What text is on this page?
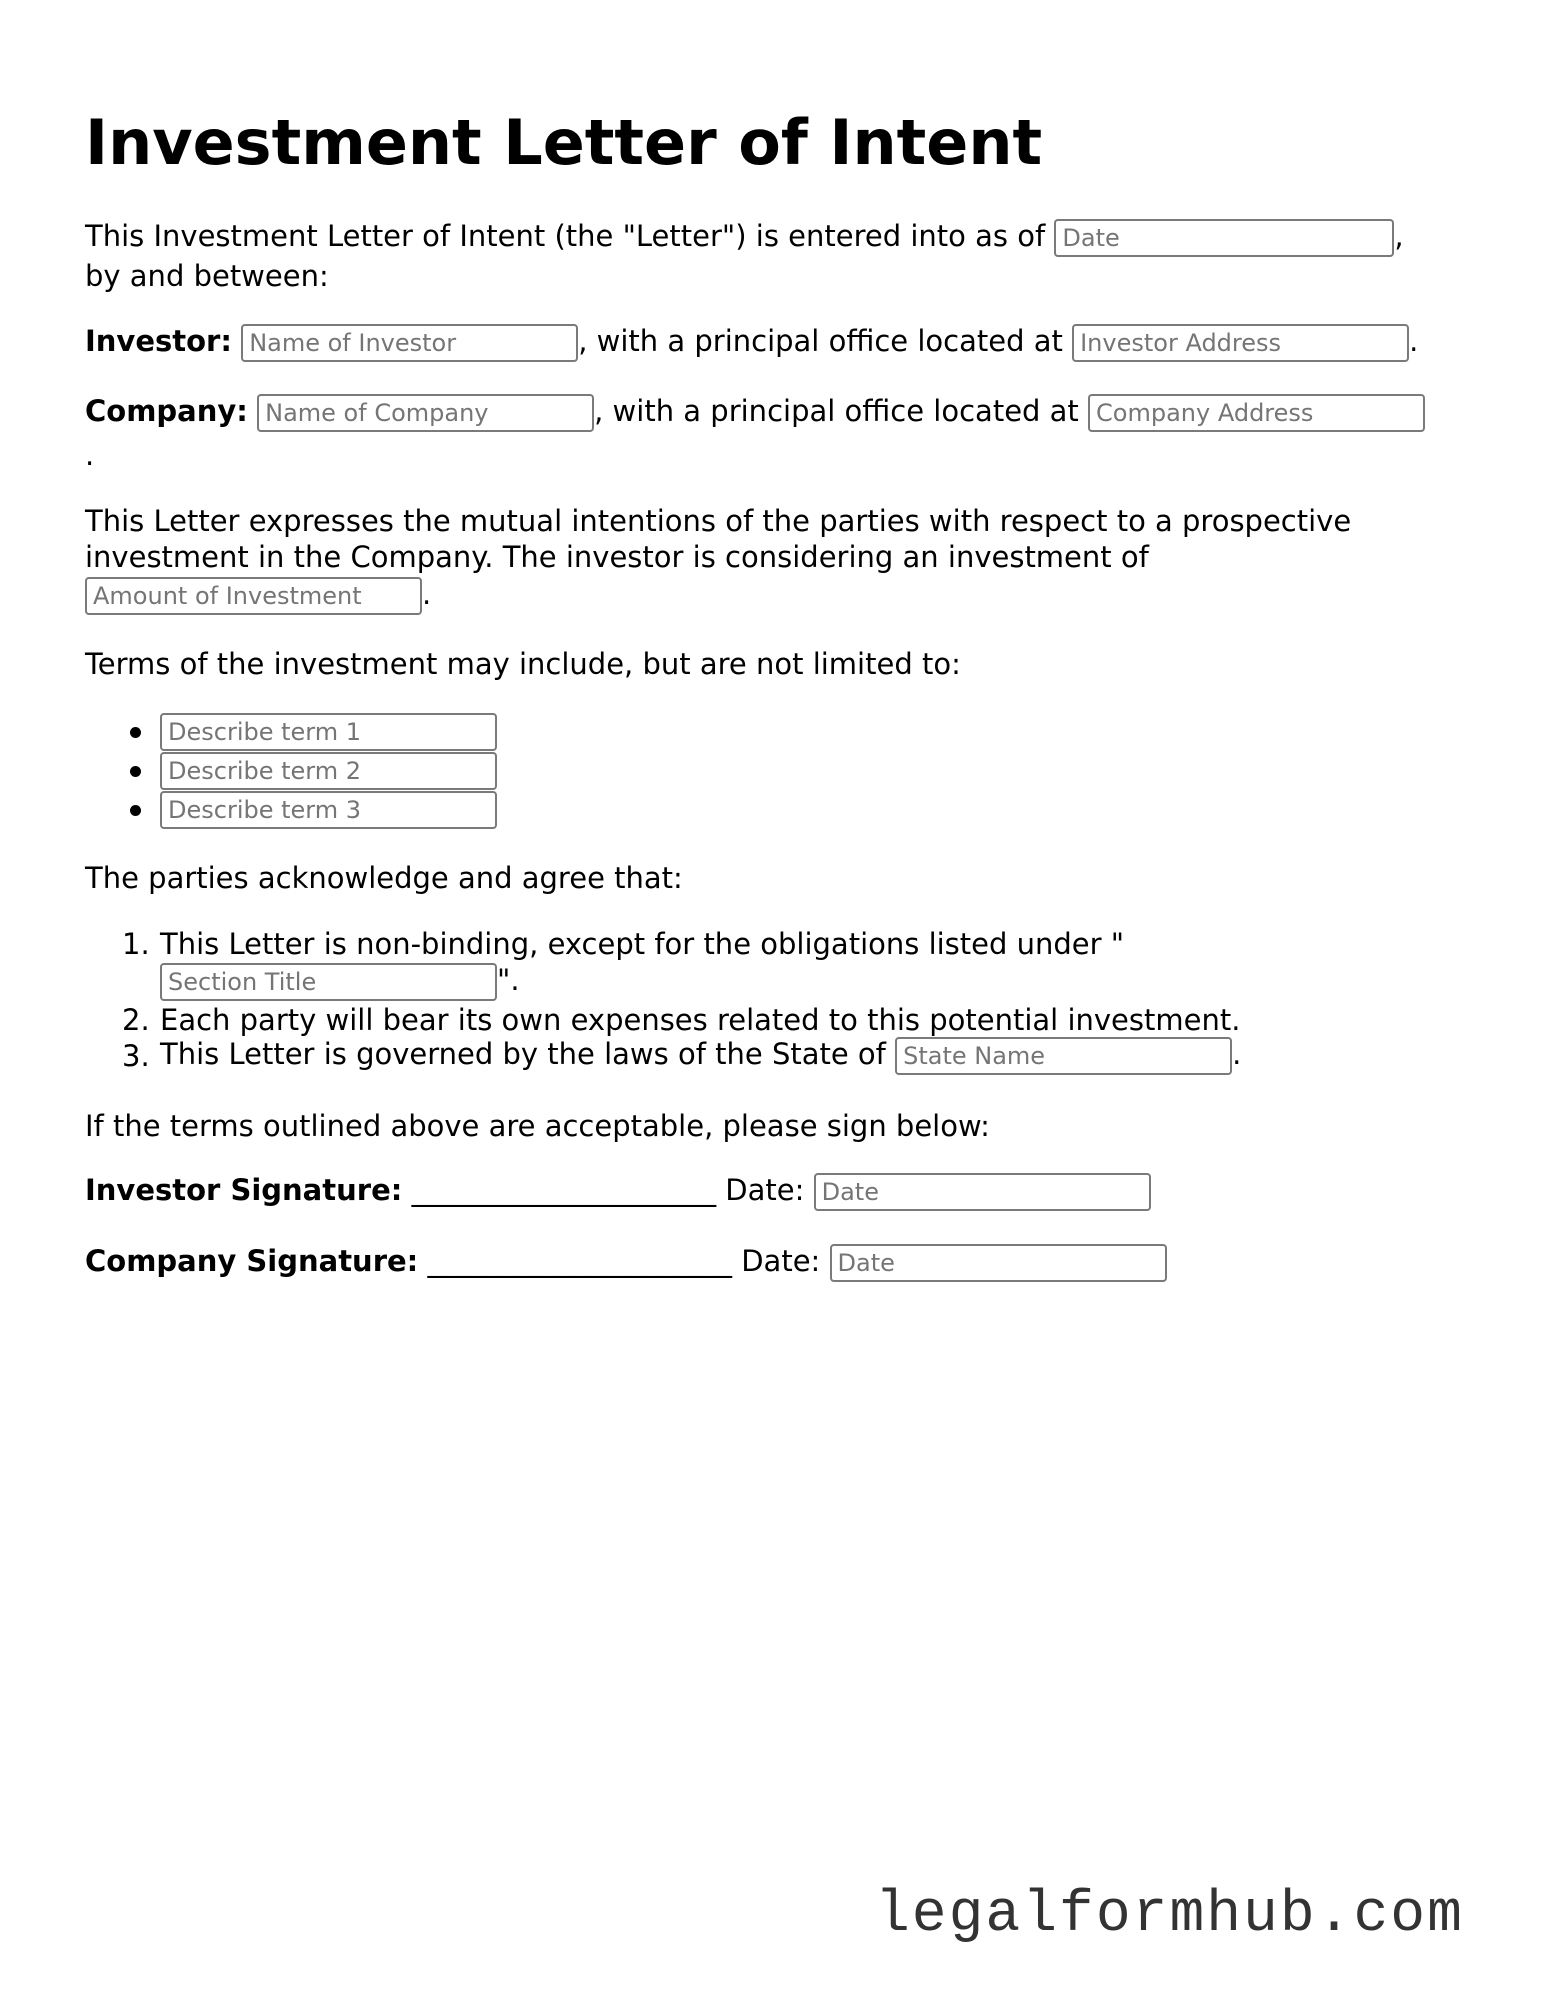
Investment Letter of Intent
This Investment Letter of Intent (the "Letter") is entered into as of Date	,
by and between:
Investor: Name of Investor	, with a principal office located at Investor Address	.
Company: Name of Company	, with a principal office located at Company Address
.
This Letter expresses the mutual intentions of the parties with respect to a prospective
investment in the Company. The investor is considering an investment of
Amount of Investment.
Terms of the investment may include, but are not limited to:
Describe term 1
Describe term 2
Describe term 3
The parties acknowledge and agree that:
1. This Letter is non-binding, except for the obligations listed under "
Section Title".
2. Each party will bear its own expenses related to this potential investment.
3. This Letter is governed by the laws of the State of State Name	.
If the terms outlined above are acceptable, please sign below:
Investor Signature: _____________________ Date: Date
Company Signature: _____________________ Date: Date
legalformhub.com
